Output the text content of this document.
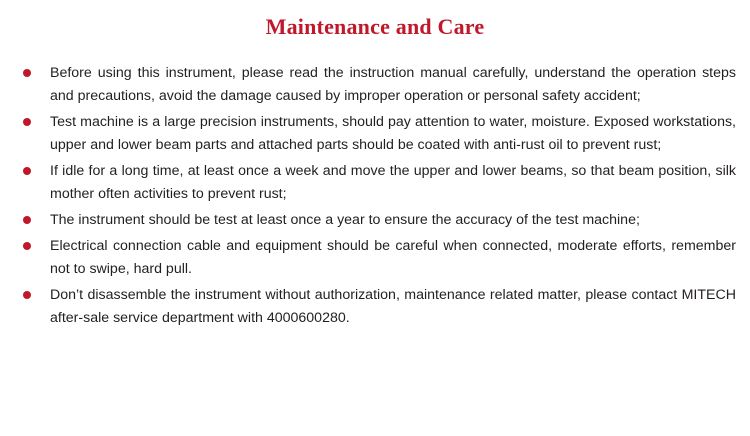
Maintenance and Care
Before using this instrument, please read the instruction manual carefully, understand the operation steps and precautions, avoid the damage caused by improper operation or personal safety accident;
Test machine is a large precision instruments, should pay attention to water, moisture. Exposed workstations, upper and lower beam parts and attached parts should be coated with anti-rust oil to prevent rust;
If idle for a long time, at least once a week and move the upper and lower beams, so that beam position, silk mother often activities to prevent rust;
The instrument should be test at least once a year to ensure the accuracy of the test machine;
Electrical connection cable and equipment should be careful when connected, moderate efforts, remember not to swipe, hard pull.
Don’t disassemble the instrument without authorization, maintenance related matter, please contact MITECH after-sale service department with 4000600280.
